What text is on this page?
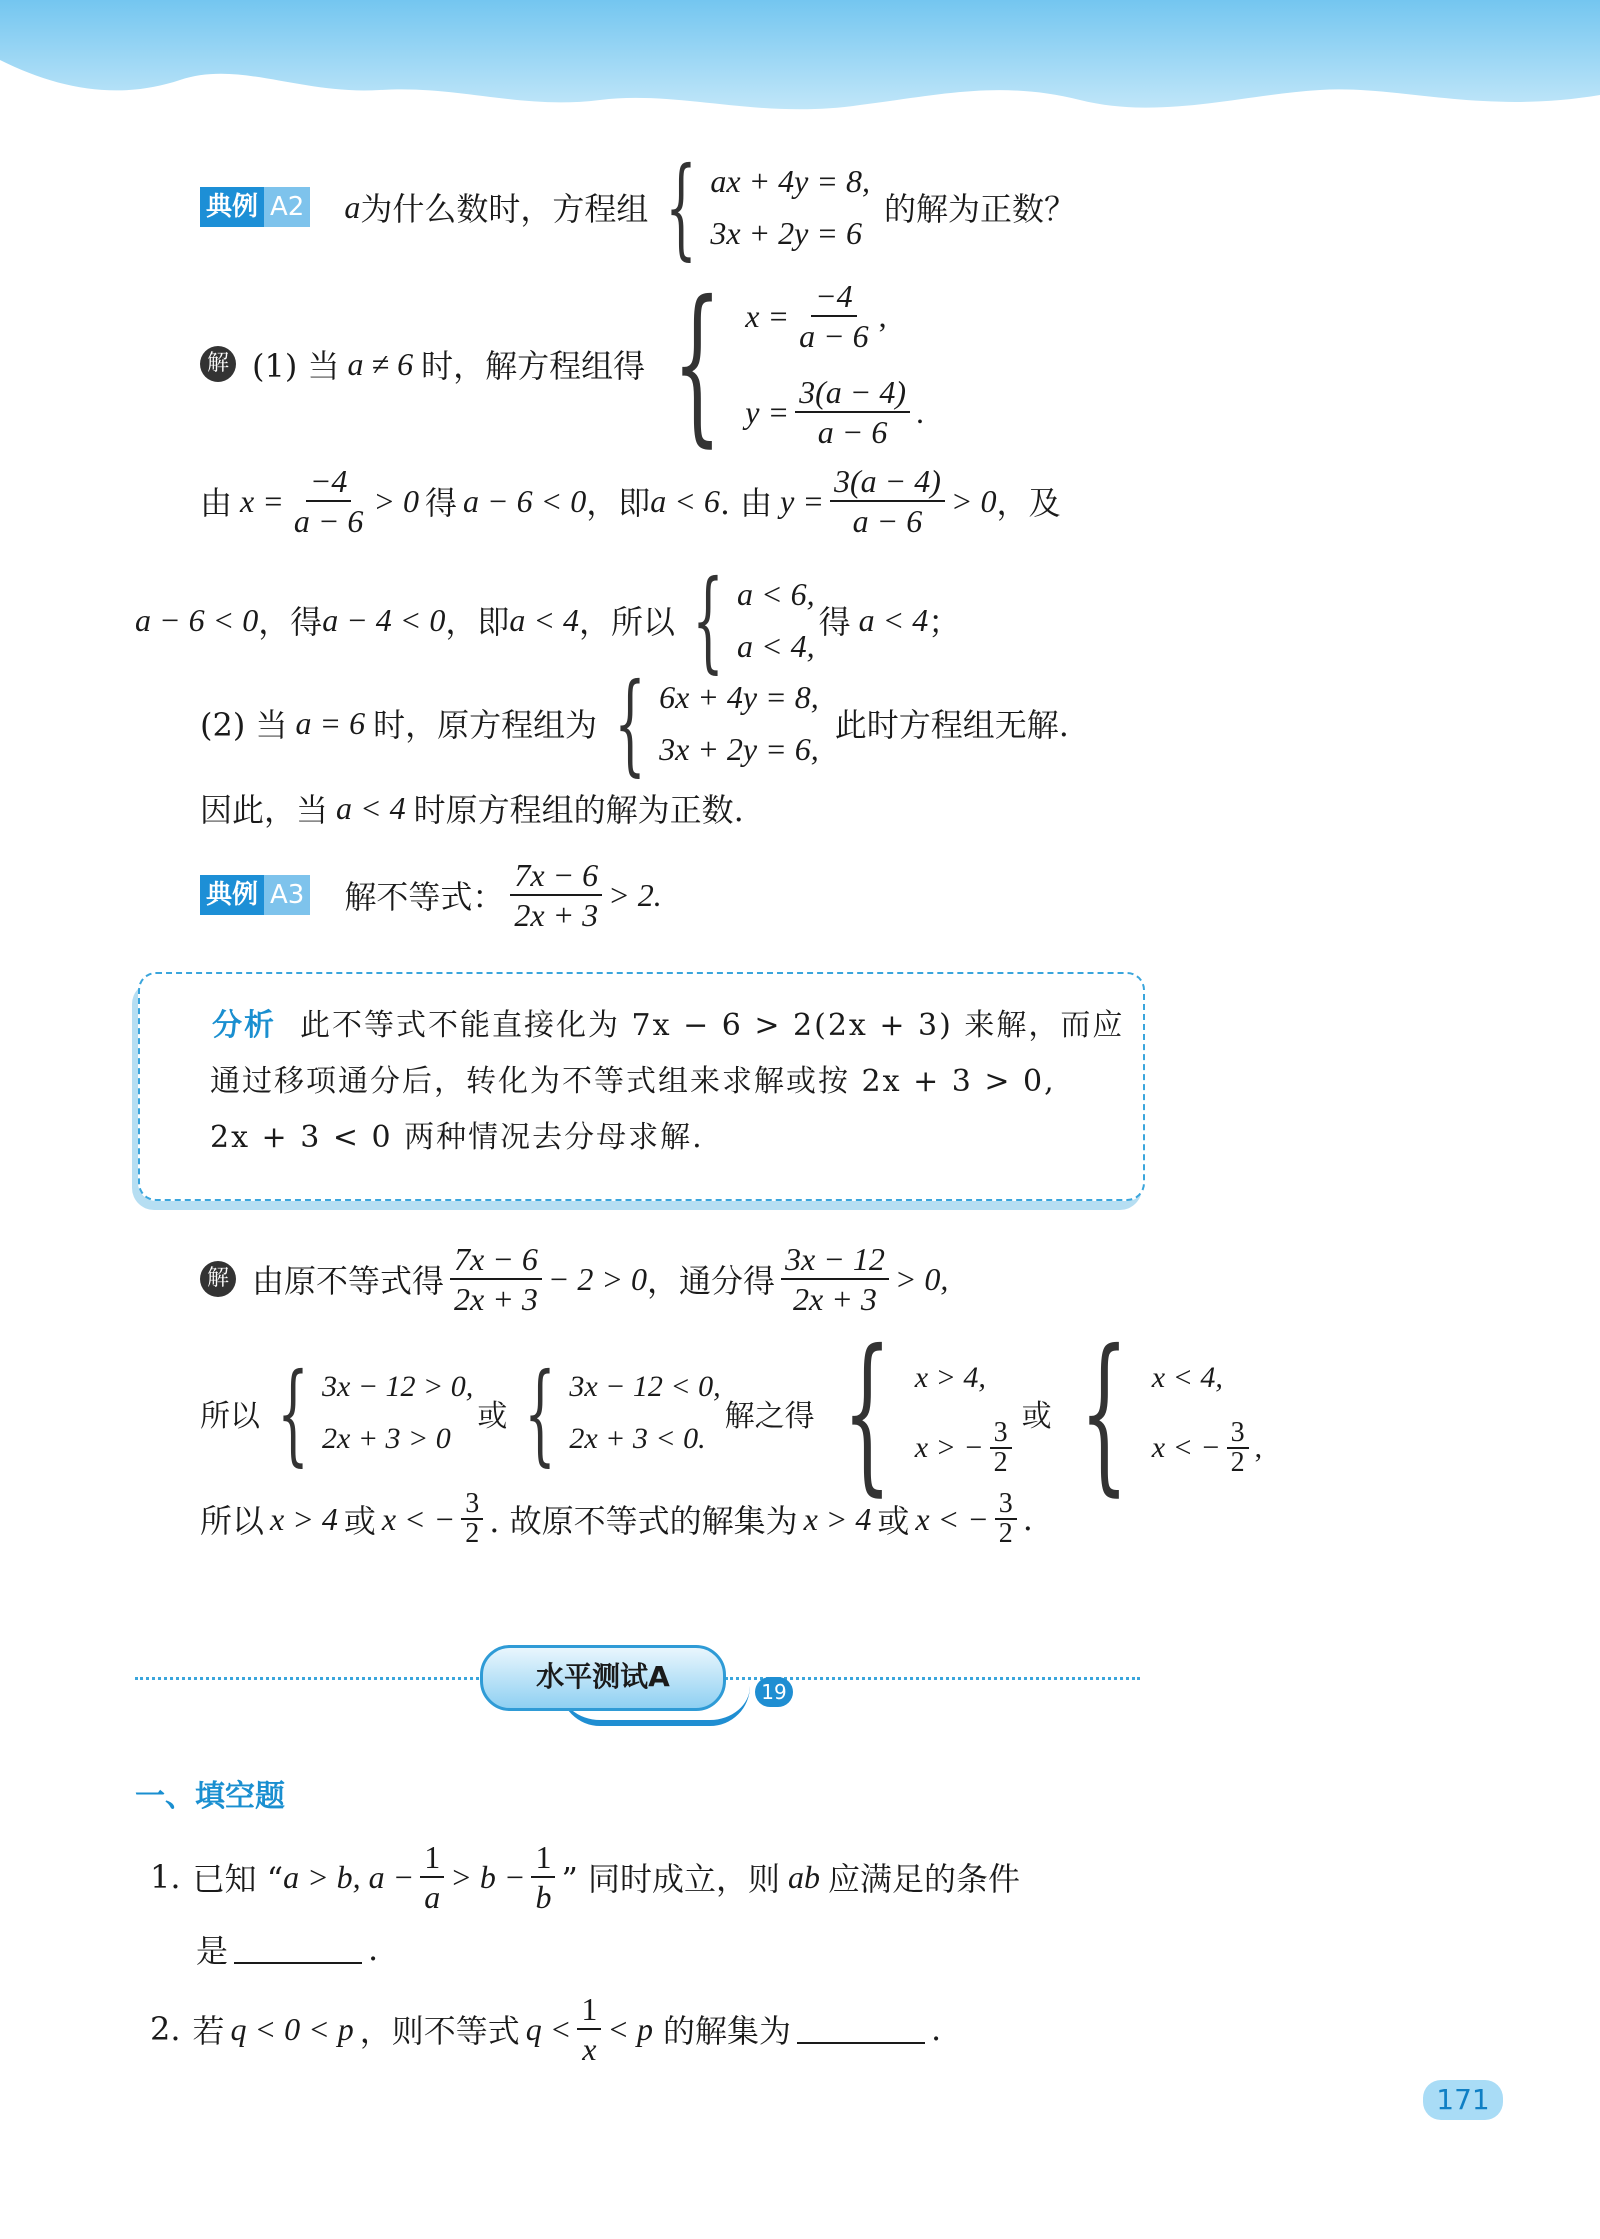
典例 A2 a 为什么数时，方程组 { ax + 4y = 8,
3x + 2y = 6
的解为正数？
解 (1) 当 a ≠ 6 时，解方程组得 { $x = \frac{-4}{a - 6}$ ,
$y = \frac{3(a - 4)}{a - 6}$ .
由 $x = \frac{-4}{a - 6} > 0$ 得 a − 6 < 0 ，即 a < 6 . 由 $y = \frac{3(a - 4)}{a - 6} > 0$ ，及
a − 6 < 0 ，得 a − 4 < 0 ，即 a < 4 ，所以 { a < 6,
a < 4,
得 a < 4 ；
(2) 当 a = 6 时，原方程组为 { 6x + 4y = 8,
3x + 2y = 6,
此时方程组无解.
因此，当 a < 4 时原方程组的解为正数.
典例 A3 解不等式： $\frac{7x - 6}{2x + 3} > 2$.
分析 此不等式不能直接化为 7x − 6 > 2(2x + 3) 来解，而应
通过移项通分后，转化为不等式组来求解或按 2x + 3 > 0,
2x + 3 < 0 两种情况去分母求解.
解 由原不等式得 $\frac{7x - 6}{2x + 3} - 2 > 0$ ，通分得 $\frac{3x - 12}{2x + 3} > 0$,
所以 { 3x − 12 > 0,
2x + 3 > 0
或 { 3x − 12 < 0,
2x + 3 < 0.
解之得 { x > 4,
x > − $\frac{3}{2}$
或 { x < 4,
x < − $\frac{3}{2}$ ,
所以 x > 4 或 x < − $\frac{3}{2}$ . 故原不等式的解集为 x > 4 或 x < − $\frac{3}{2}$ .
水平测试A	19
一、填空题
1. 已知 “ a > b, $a - \frac{1}{a} > b - \frac{1}{b}$ ” 同时成立，则 ab 应满足的条件
是	.
2. 若 q < 0 < p ，则不等式 $q < \frac{1}{x} < p$ 的解集为	.
171
